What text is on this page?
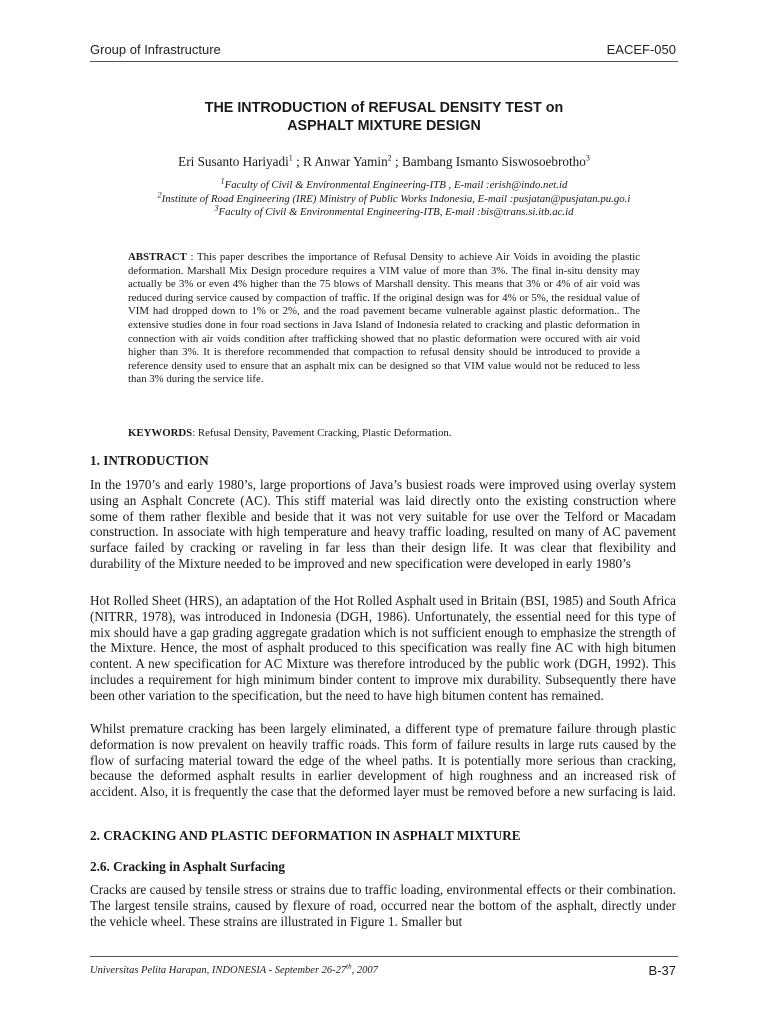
Group of Infrastructure	EACEF-050
THE INTRODUCTION of REFUSAL DENSITY TEST on
ASPHALT MIXTURE DESIGN
Eri Susanto Hariyadi$^1$ ; R Anwar Yamin$^2$ ; Bambang Ismanto Siswosoebrotho$^3$
$^1$Faculty of Civil & Environmental Engineering-ITB , E-mail :erish@indo.net.id
$^2$Institute of Road Engineering (IRE) Ministry of Public Works Indonesia, E-mail :pusjatan@pusjatan.pu.go.i
$^3$Faculty of Civil & Environmental Engineering-ITB, E-mail :bis@trans.si.itb.ac.id
ABSTRACT : This paper describes the importance of Refusal Density to achieve Air Voids in avoiding the plastic deformation. Marshall Mix Design procedure requires a VIM value of more than 3%. The final in-situ density may actually be 3% or even 4% higher than the 75 blows of Marshall density. This means that 3% or 4% of air void was reduced during service caused by compaction of traffic. If the original design was for 4% or 5%, the residual value of VIM had dropped down to 1% or 2%, and the road pavement became vulnerable against plastic deformation.. The extensive studies done in four road sections in Java Island of Indonesia related to cracking and plastic deformation in connection with air voids condition after trafficking showed that no plastic deformation were occured with air void higher than 3%. It is therefore recommended that compaction to refusal density should be introduced to provide a reference density used to ensure that an asphalt mix can be designed so that VIM value would not be reduced to less than 3% during the service life.
KEYWORDS: Refusal Density, Pavement Cracking, Plastic Deformation.
1. INTRODUCTION

In the 1970’s and early 1980’s, large proportions of Java’s busiest roads were improved using overlay system using an Asphalt Concrete (AC). This stiff material was laid directly onto the existing construction where some of them rather flexible and beside that it was not very suitable for use over the Telford or Macadam construction. In associate with high temperature and heavy traffic loading, resulted on many of AC pavement surface failed by cracking or raveling in far less than their design life. It was clear that flexibility and durability of the Mixture needed to be improved and new specification were developed in early 1980’s

Hot Rolled Sheet (HRS), an adaptation of the Hot Rolled Asphalt used in Britain (BSI, 1985) and South Africa (NITRR, 1978), was introduced in Indonesia (DGH, 1986). Unfortunately, the essential need for this type of mix should have a gap grading aggregate gradation which is not sufficient enough to emphasize the strength of the Mixture. Hence, the most of asphalt produced to this specification was really fine AC with high bitumen content. A new specification for AC Mixture was therefore introduced by the public work (DGH, 1992). This includes a requirement for high minimum binder content to improve mix durability. Subsequently there have been other variation to the specification, but the need to have high bitumen content has remained.

Whilst premature cracking has been largely eliminated, a different type of premature failure through plastic deformation is now prevalent on heavily traffic roads. This form of failure results in large ruts caused by the flow of surfacing material toward the edge of the wheel paths. It is potentially more serious than cracking, because the deformed asphalt results in earlier development of high roughness and an increased risk of accident. Also, it is frequently the case that the deformed layer must be removed before a new surfacing is laid.

2. CRACKING AND PLASTIC DEFORMATION IN ASPHALT MIXTURE
2.6. Cracking in Asphalt Surfacing

Cracks are caused by tensile stress or strains due to traffic loading, environmental effects or their combination. The largest tensile strains, caused by flexure of road, occurred near the bottom of the asphalt, directly under the vehicle wheel. These strains are illustrated in Figure 1. Smaller but

Universitas Pelita Harapan, INDONESIA - September 26-27th, 2007	B-37
